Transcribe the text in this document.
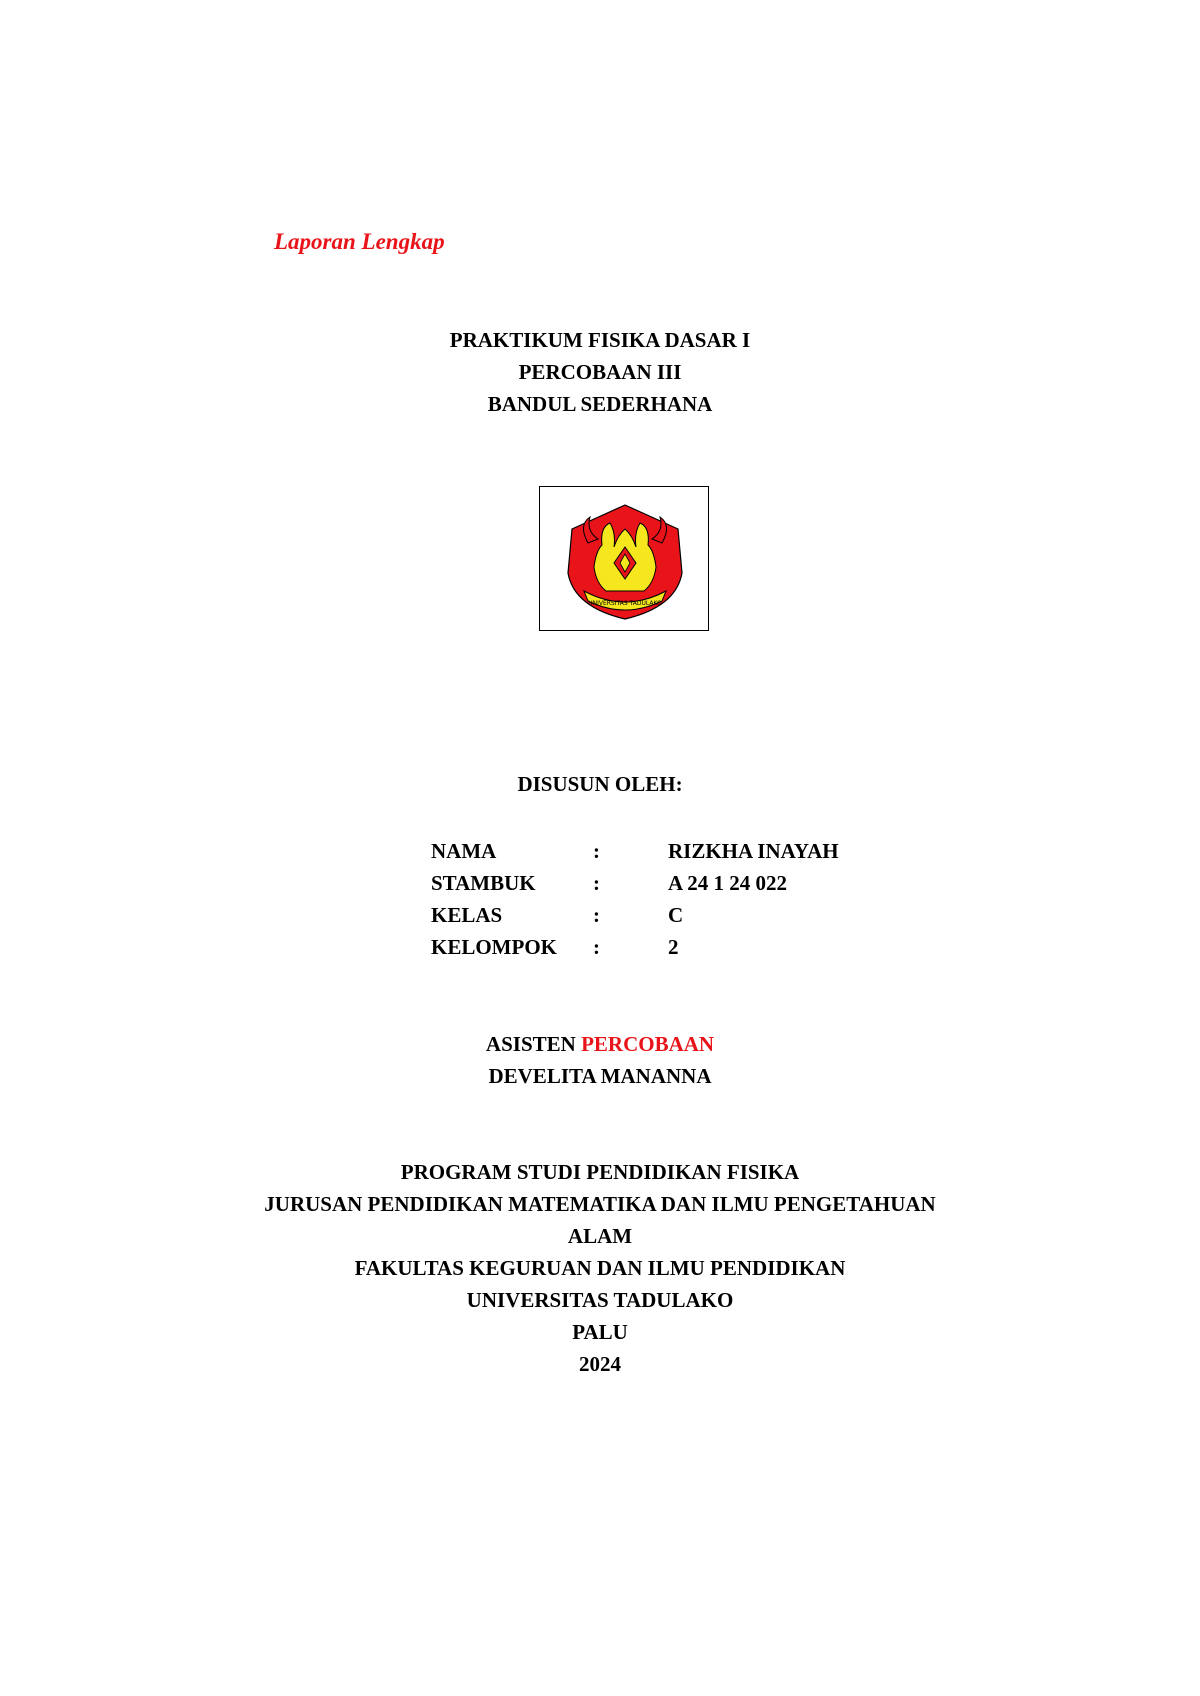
Laporan Lengkap
PRAKTIKUM FISIKA DASAR I
PERCOBAAN III
BANDUL SEDERHANA
UNIVERSITAS TADULAKO
DISUSUN OLEH:
NAMA	:	RIZKHA INAYAH
STAMBUK	:	A 24 1 24 022
KELAS	:	C
KELOMPOK :	2
ASISTEN PERCOBAAN
DEVELITA MANANNA
PROGRAM STUDI PENDIDIKAN FISIKA
JURUSAN PENDIDIKAN MATEMATIKA DAN ILMU PENGETAHUAN
ALAM
FAKULTAS KEGURUAN DAN ILMU PENDIDIKAN
UNIVERSITAS TADULAKO
PALU
2024
